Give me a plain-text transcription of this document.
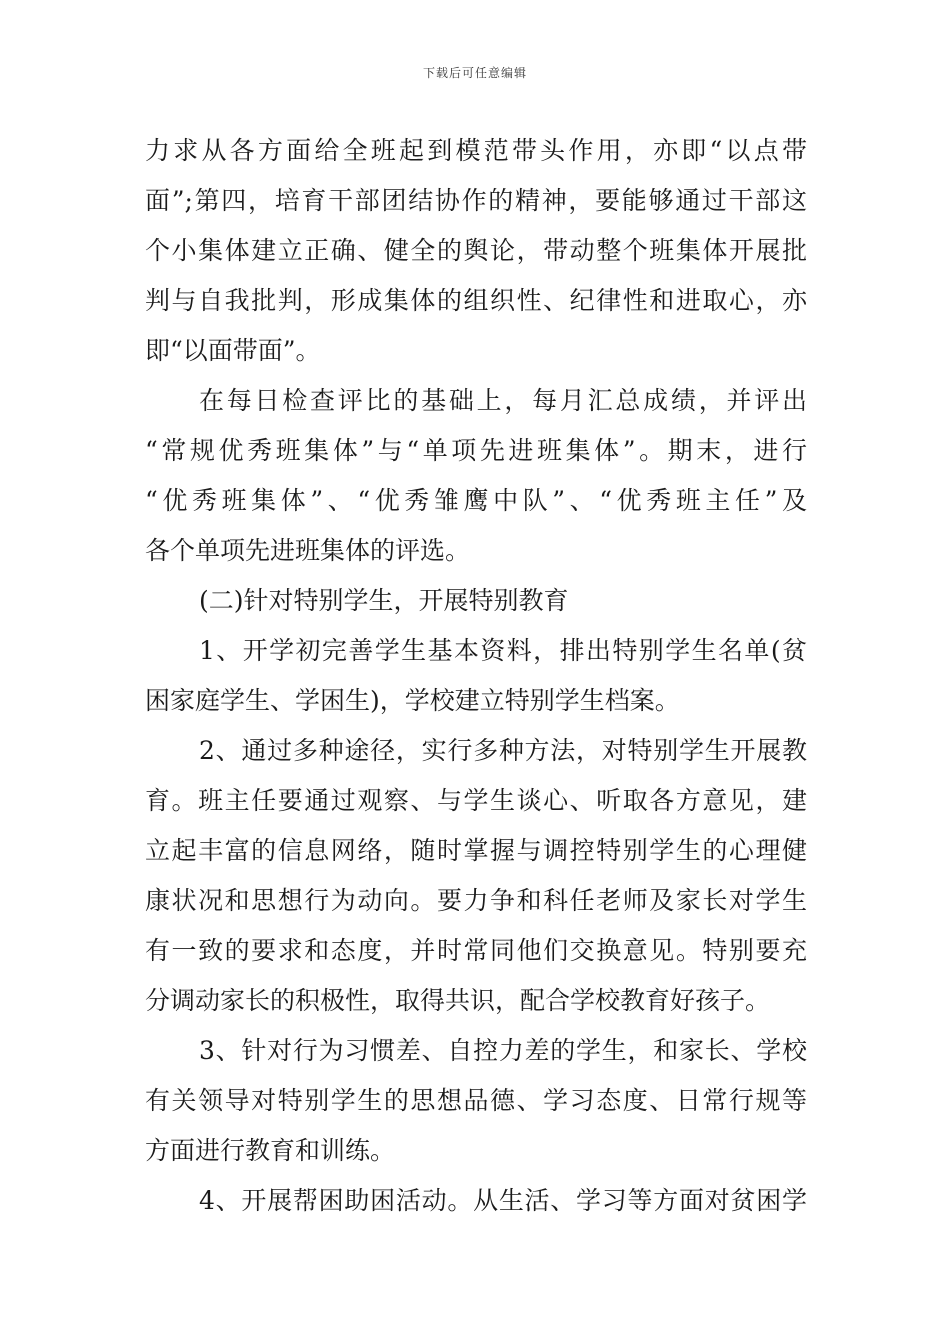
下载后可任意编辑
力求从各方面给全班起到模范带头作用，亦即“以点带
面”;第四，培育干部团结协作的精神，要能够通过干部这
个小集体建立正确、健全的舆论，带动整个班集体开展批
判与自我批判，形成集体的组织性、纪律性和进取心，亦
即“以面带面”。
在每日检查评比的基础上，每月汇总成绩，并评出
“常规优秀班集体”与“单项先进班集体”。期末，进行
“优秀班集体”、“优秀雏鹰中队”、“优秀班主任”及
各个单项先进班集体的评选。
(二)针对特别学生，开展特别教育
1、开学初完善学生基本资料，排出特别学生名单(贫
困家庭学生、学困生)，学校建立特别学生档案。
2、通过多种途径，实行多种方法，对特别学生开展教
育。班主任要通过观察、与学生谈心、听取各方意见，建
立起丰富的信息网络，随时掌握与调控特别学生的心理健
康状况和思想行为动向。要力争和科任老师及家长对学生
有一致的要求和态度，并时常同他们交换意见。特别要充
分调动家长的积极性，取得共识，配合学校教育好孩子。
3、针对行为习惯差、自控力差的学生，和家长、学校
有关领导对特别学生的思想品德、学习态度、日常行规等
方面进行教育和训练。
4、开展帮困助困活动。从生活、学习等方面对贫困学
